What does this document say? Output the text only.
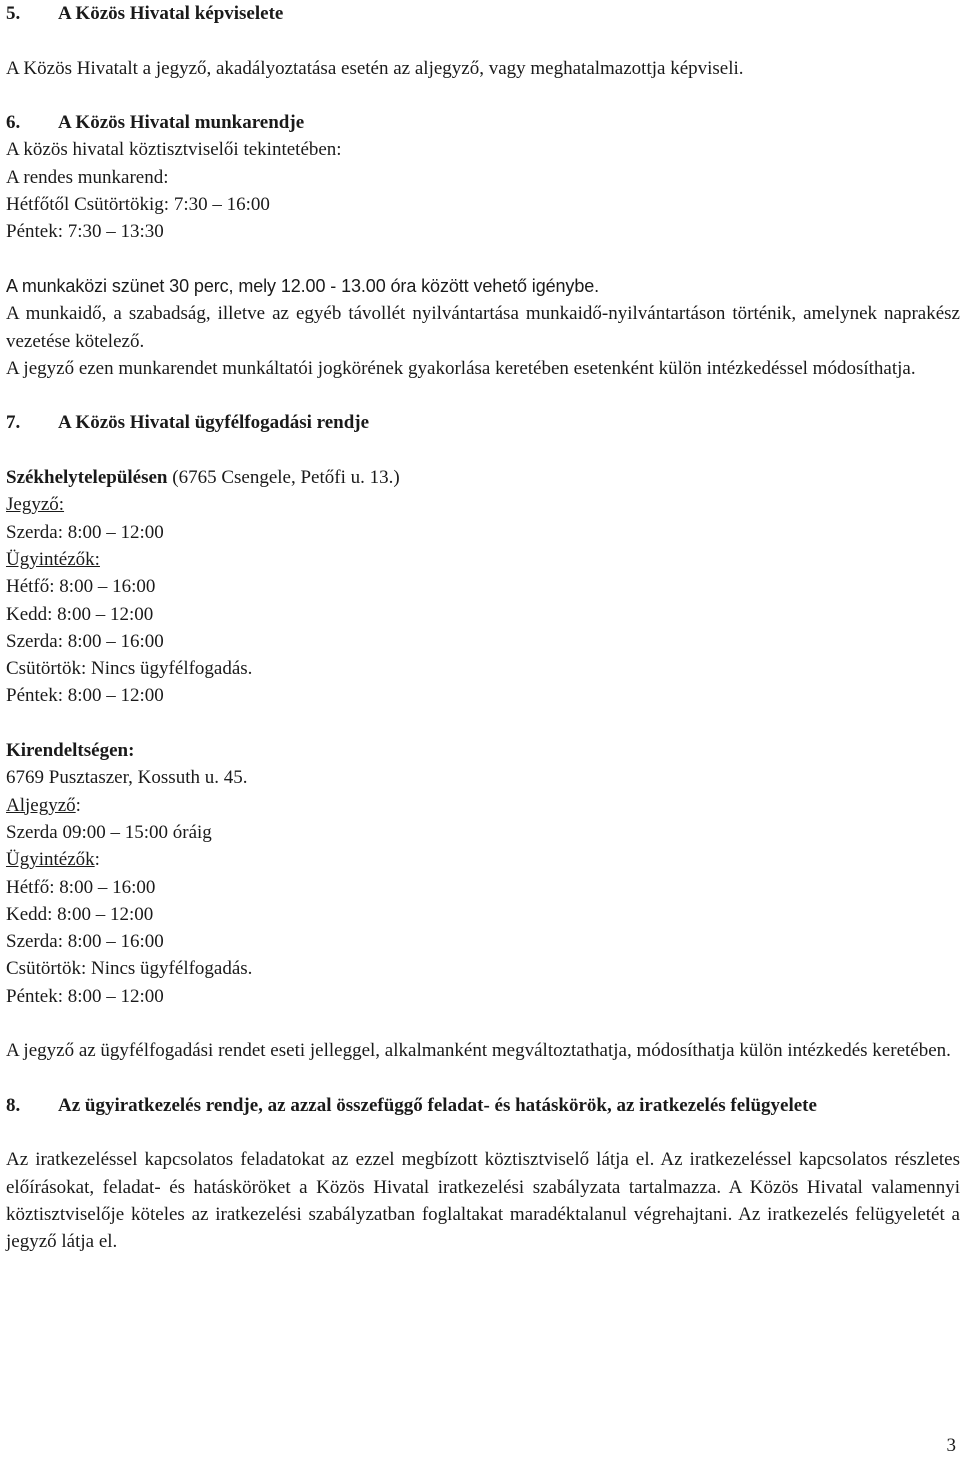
5.	A Közös Hivatal képviselete

A Közös Hivatalt a jegyző, akadályoztatása esetén az aljegyző, vagy meghatalmazottja képviseli.

6.	A Közös Hivatal munkarendje

A közös hivatal köztisztviselői tekintetében:

A rendes munkarend:

Hétfőtől Csütörtökig: 7:30 – 16:00

Péntek: 7:30 – 13:30

A munkaközi szünet 30 perc, mely 12.00 - 13.00 óra között vehető igénybe.

A munkaidő, a szabadság, illetve az egyéb távollét nyilvántartása munkaidő-nyilvántartáson történik, amelynek naprakész vezetése kötelező.

A jegyző ezen munkarendet munkáltatói jogkörének gyakorlása keretében esetenként külön intézkedéssel módosíthatja.

7.	A Közös Hivatal ügyfélfogadási rendje

Székhelytelepülésen (6765 Csengele, Petőfi u. 13.)

Jegyző:

Szerda: 8:00 – 12:00

Ügyintézők:

Hétfő: 8:00 – 16:00

Kedd: 8:00 – 12:00

Szerda: 8:00 – 16:00

Csütörtök: Nincs ügyfélfogadás.

Péntek: 8:00 – 12:00

Kirendeltségen:

6769 Pusztaszer, Kossuth u. 45.

Aljegyző:

Szerda 09:00 – 15:00 óráig

Ügyintézők:

Hétfő: 8:00 – 16:00

Kedd: 8:00 – 12:00

Szerda: 8:00 – 16:00

Csütörtök: Nincs ügyfélfogadás.

Péntek: 8:00 – 12:00

A jegyző az ügyfélfogadási rendet eseti jelleggel, alkalmanként megváltoztathatja, módosíthatja külön intézkedés keretében.

8.	Az ügyiratkezelés rendje, az azzal összefüggő feladat- és hatáskörök, az iratkezelés felügyelete

Az iratkezeléssel kapcsolatos feladatokat az ezzel megbízott köztisztviselő látja el. Az iratkezeléssel kapcsolatos részletes előírásokat, feladat- és hatásköröket a Közös Hivatal iratkezelési szabályzata tartalmazza. A Közös Hivatal valamennyi köztisztviselője köteles az iratkezelési szabályzatban foglaltakat maradéktalanul végrehajtani. Az iratkezelés felügyeletét a jegyző látja el.

3
